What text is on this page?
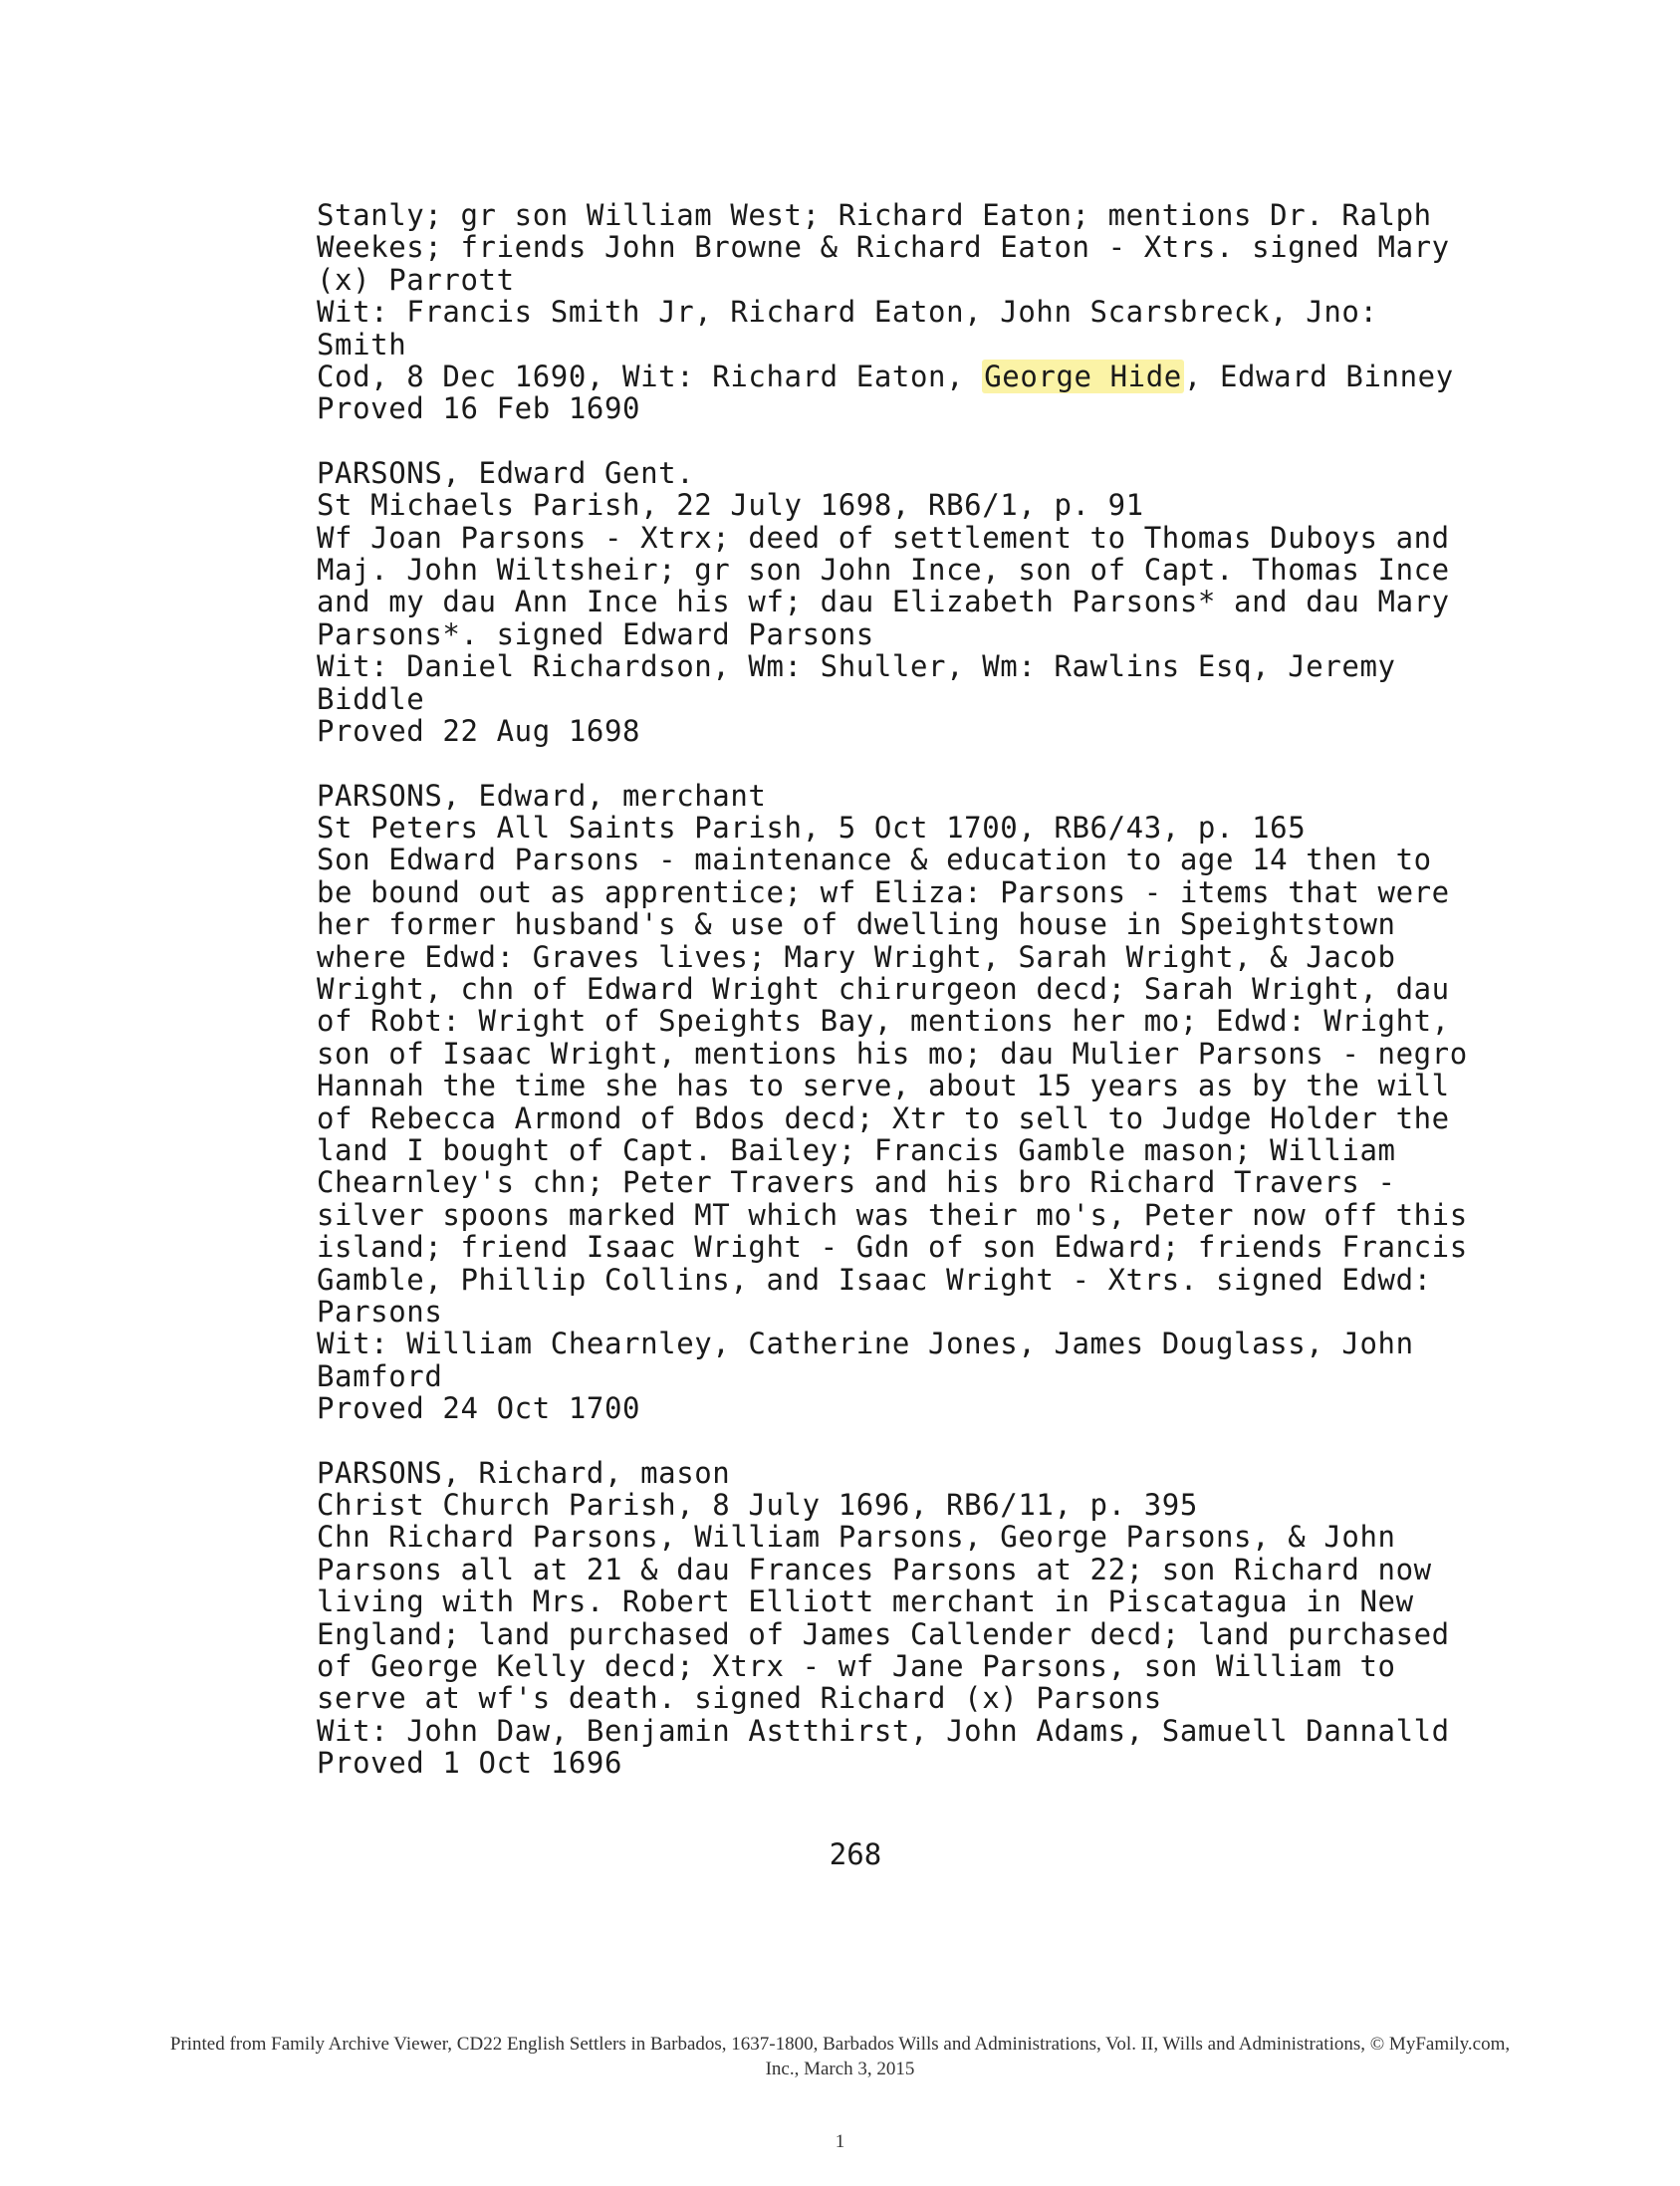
Stanly; gr son William West; Richard Eaton; mentions Dr. Ralph
Weekes; friends John Browne & Richard Eaton - Xtrs. signed Mary
(x) Parrott
Wit: Francis Smith Jr, Richard Eaton, John Scarsbreck, Jno:
Smith
Cod, 8 Dec 1690, Wit: Richard Eaton, George Hide, Edward Binney
Proved 16 Feb 1690
PARSONS, Edward Gent.
St Michaels Parish, 22 July 1698, RB6/1, p. 91
Wf Joan Parsons - Xtrx; deed of settlement to Thomas Duboys and
Maj. John Wiltsheir; gr son John Ince, son of Capt. Thomas Ince
and my dau Ann Ince his wf; dau Elizabeth Parsons* and dau Mary
Parsons*. signed Edward Parsons
Wit: Daniel Richardson, Wm: Shuller, Wm: Rawlins Esq, Jeremy
Biddle
Proved 22 Aug 1698
PARSONS, Edward, merchant
St Peters All Saints Parish, 5 Oct 1700, RB6/43, p. 165
Son Edward Parsons - maintenance & education to age 14 then to
be bound out as apprentice; wf Eliza: Parsons - items that were
her former husband's & use of dwelling house in Speightstown
where Edwd: Graves lives; Mary Wright, Sarah Wright, & Jacob
Wright, chn of Edward Wright chirurgeon decd; Sarah Wright, dau
of Robt: Wright of Speights Bay, mentions her mo; Edwd: Wright,
son of Isaac Wright, mentions his mo; dau Mulier Parsons - negro
Hannah the time she has to serve, about 15 years as by the will
of Rebecca Armond of Bdos decd; Xtr to sell to Judge Holder the
land I bought of Capt. Bailey; Francis Gamble mason; William
Chearnley's chn; Peter Travers and his bro Richard Travers -
silver spoons marked MT which was their mo's, Peter now off this
island; friend Isaac Wright - Gdn of son Edward; friends Francis
Gamble, Phillip Collins, and Isaac Wright - Xtrs. signed Edwd:
Parsons
Wit: William Chearnley, Catherine Jones, James Douglass, John
Bamford
Proved 24 Oct 1700
PARSONS, Richard, mason
Christ Church Parish, 8 July 1696, RB6/11, p. 395
Chn Richard Parsons, William Parsons, George Parsons, & John
Parsons all at 21 & dau Frances Parsons at 22; son Richard now
living with Mrs. Robert Elliott merchant in Piscatagua in New
England; land purchased of James Callender decd; land purchased
of George Kelly decd; Xtrx - wf Jane Parsons, son William to
serve at wf's death. signed Richard (x) Parsons
Wit: John Daw, Benjamin Astthirst, John Adams, Samuell Dannalld
Proved 1 Oct 1696
268
Printed from Family Archive Viewer, CD22 English Settlers in Barbados, 1637-1800, Barbados Wills and Administrations, Vol. II, Wills and Administrations, © MyFamily.com,
Inc., March 3, 2015
1
